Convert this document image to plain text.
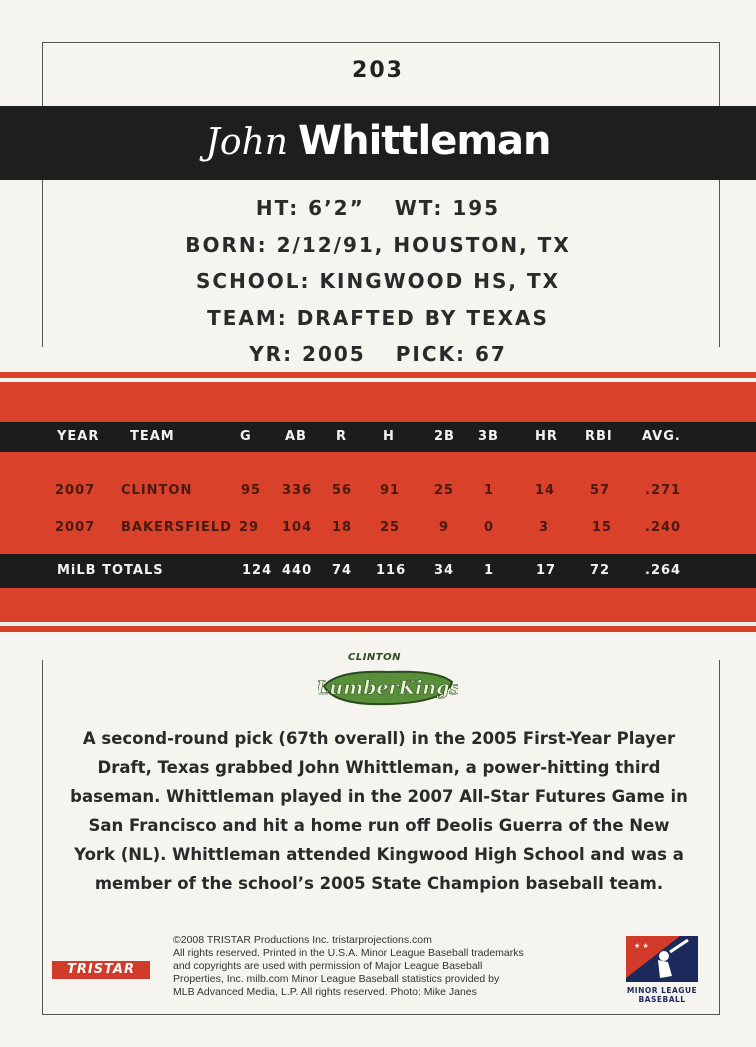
203
John Whittleman
HT: 6’2” WT: 195
BORN: 2/12/91, HOUSTON, TX
SCHOOL: KINGWOOD HS, TX
TEAM: DRAFTED BY TEXAS
YR: 2005 PICK: 67
YEAR TEAM	G	AB R	H	2B 3B	HR RBI AVG.
2007 CLINTON	95 336 56 91	25 1	14	57	.271
2007 BAKERSFIELD 29 104 18 25	9	0	3	15	.240
MiLB TOTALS	124 440 74 116 34 1	17	72	.264
CLINTON
LumberKings

A second-round pick (67th overall) in the 2005 First-Year Player

Draft, Texas grabbed John Whittleman, a power-hitting third

baseman. Whittleman played in the 2007 All-Star Futures Game in

San Francisco and hit a home run off Deolis Guerra of the New

York (NL). Whittleman attended Kingwood High School and was a

member of the school’s 2005 State Champion baseball team.

TRISTAR

©2008 TRISTAR Productions Inc. tristarprojections.com

All rights reserved. Printed in the U.S.A. Minor League Baseball trademarks

and copyrights are used with permission of Major League Baseball

Properties, Inc. milb.com Minor League Baseball statistics provided by

MLB Advanced Media, L.P. All rights reserved. Photo: Mike Janes

★ ★
MINOR LEAGUE
BASEBALL
